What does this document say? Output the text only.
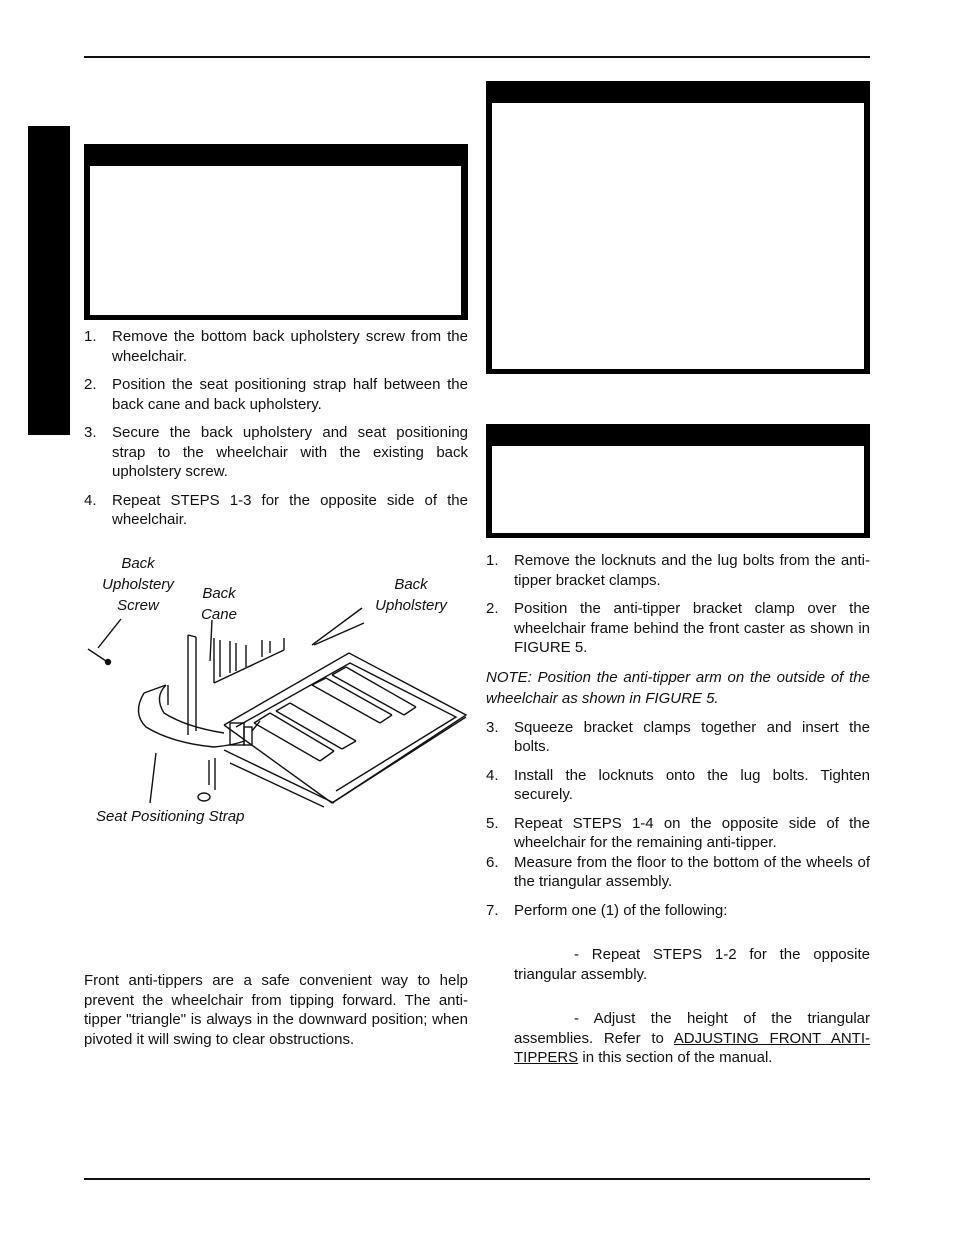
1. Remove the bottom back upholstery screw from the wheelchair.
2. Position the seat positioning strap half between the back cane and back upholstery.
3. Secure the back upholstery and seat positioning strap to the wheelchair with the existing back upholstery screw.
4. Repeat STEPS 1-3 for the opposite side of the wheelchair.
Back Upholstery Screw
Back Cane
Back Upholstery
Seat Positioning Strap

Front anti-tippers are a safe convenient way to help prevent the wheelchair from tipping forward. The anti-tipper "triangle" is always in the downward position; when pivoted it will swing to clear obstructions.

1. Remove the locknuts and the lug bolts from the anti-tipper bracket clamps.
2. Position the anti-tipper bracket clamp over the wheelchair frame behind the front caster as shown in FIGURE 5.

NOTE: Position the anti-tipper arm on the outside of the wheelchair as shown in FIGURE 5.

3. Squeeze bracket clamps together and insert the bolts.
4. Install the locknuts onto the lug bolts. Tighten securely.
5. Repeat STEPS 1-4 on the opposite side of the wheelchair for the remaining anti-tipper.
6. Measure from the floor to the bottom of the wheels of the triangular assembly.
7. Perform one (1) of the following:

- Repeat STEPS 1-2 for the opposite triangular assembly.

- Adjust the height of the triangular assemblies. Refer to ADJUSTING FRONT ANTI-TIPPERS in this section of the manual.
